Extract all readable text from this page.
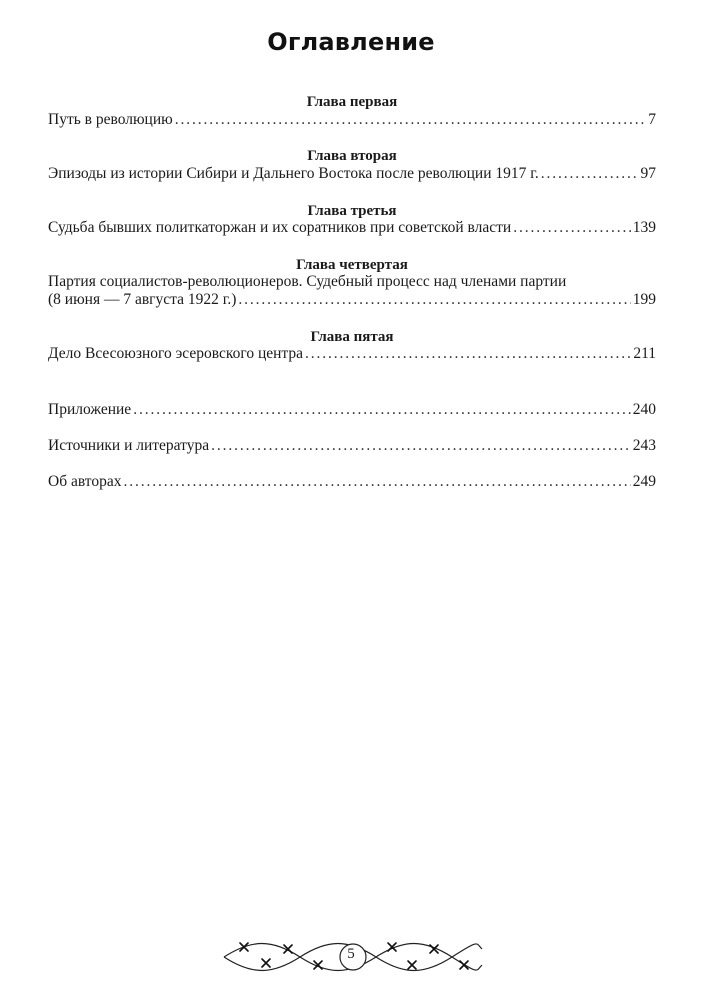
Оглавление
Глава первая
Путь в революцию . . .	7
Глава вторая
Эпизоды из истории Сибири и Дальнего Востока после революции 1917 г. . . .	97
Глава третья
Судьба бывших политкаторжан и их соратников при советской власти . . .	139
Глава четвертая
Партия социалистов-революционеров. Судебный процесс над членами партии
(8 июня — 7 августа 1922 г.) . . .	199
Глава пятая
Дело Всесоюзного эсеровского центра . . .	211
Приложение . . .	240
Источники и литература . . .	243
Об авторах . . .	249
5
